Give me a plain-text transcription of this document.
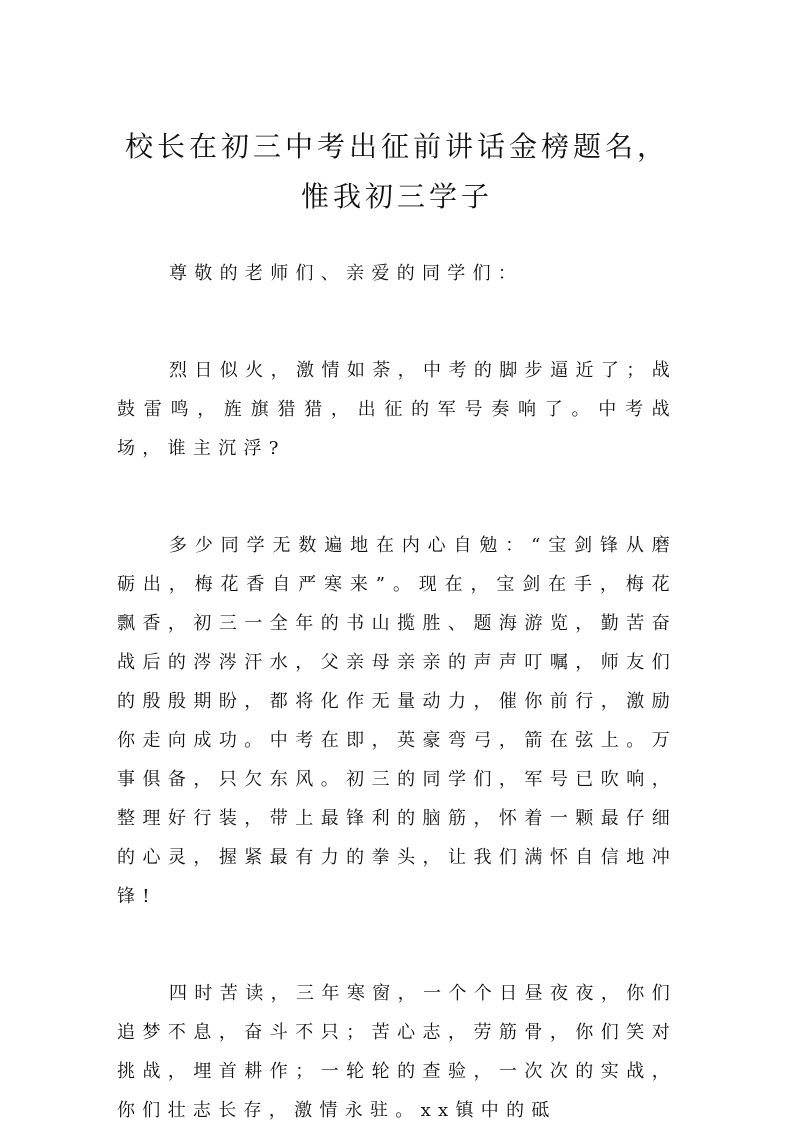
校长在初三中考出征前讲话金榜题名，惟我初三学子

尊敬的老师们、亲爱的同学们：

烈日似火，激情如荼，中考的脚步逼近了；战鼓雷鸣，旌旗猎猎，出征的军号奏响了。中考战场，谁主沉浮?

多少同学无数遍地在内心自勉：“宝剑锋从磨砺出，梅花香自严寒来”。现在，宝剑在手，梅花飘香，初三一全年的书山揽胜、题海游览，勤苦奋战后的涔涔汗水，父亲母亲亲的声声叮嘱，师友们的殷殷期盼，都将化作无量动力，催你前行，激励你走向成功。中考在即，英豪弯弓，箭在弦上。万事俱备，只欠东风。初三的同学们，军号已吹响，整理好行装，带上最锋利的脑筋，怀着一颗最仔细的心灵，握紧最有力的拳头，让我们满怀自信地冲锋!

四时苦读，三年寒窗，一个个日昼夜夜，你们追梦不息，奋斗不只；苦心志，劳筋骨，你们笑对挑战，埋首耕作；一轮轮的查验，一次次的实战，你们壮志长存，激情永驻。xx镇中的砥
